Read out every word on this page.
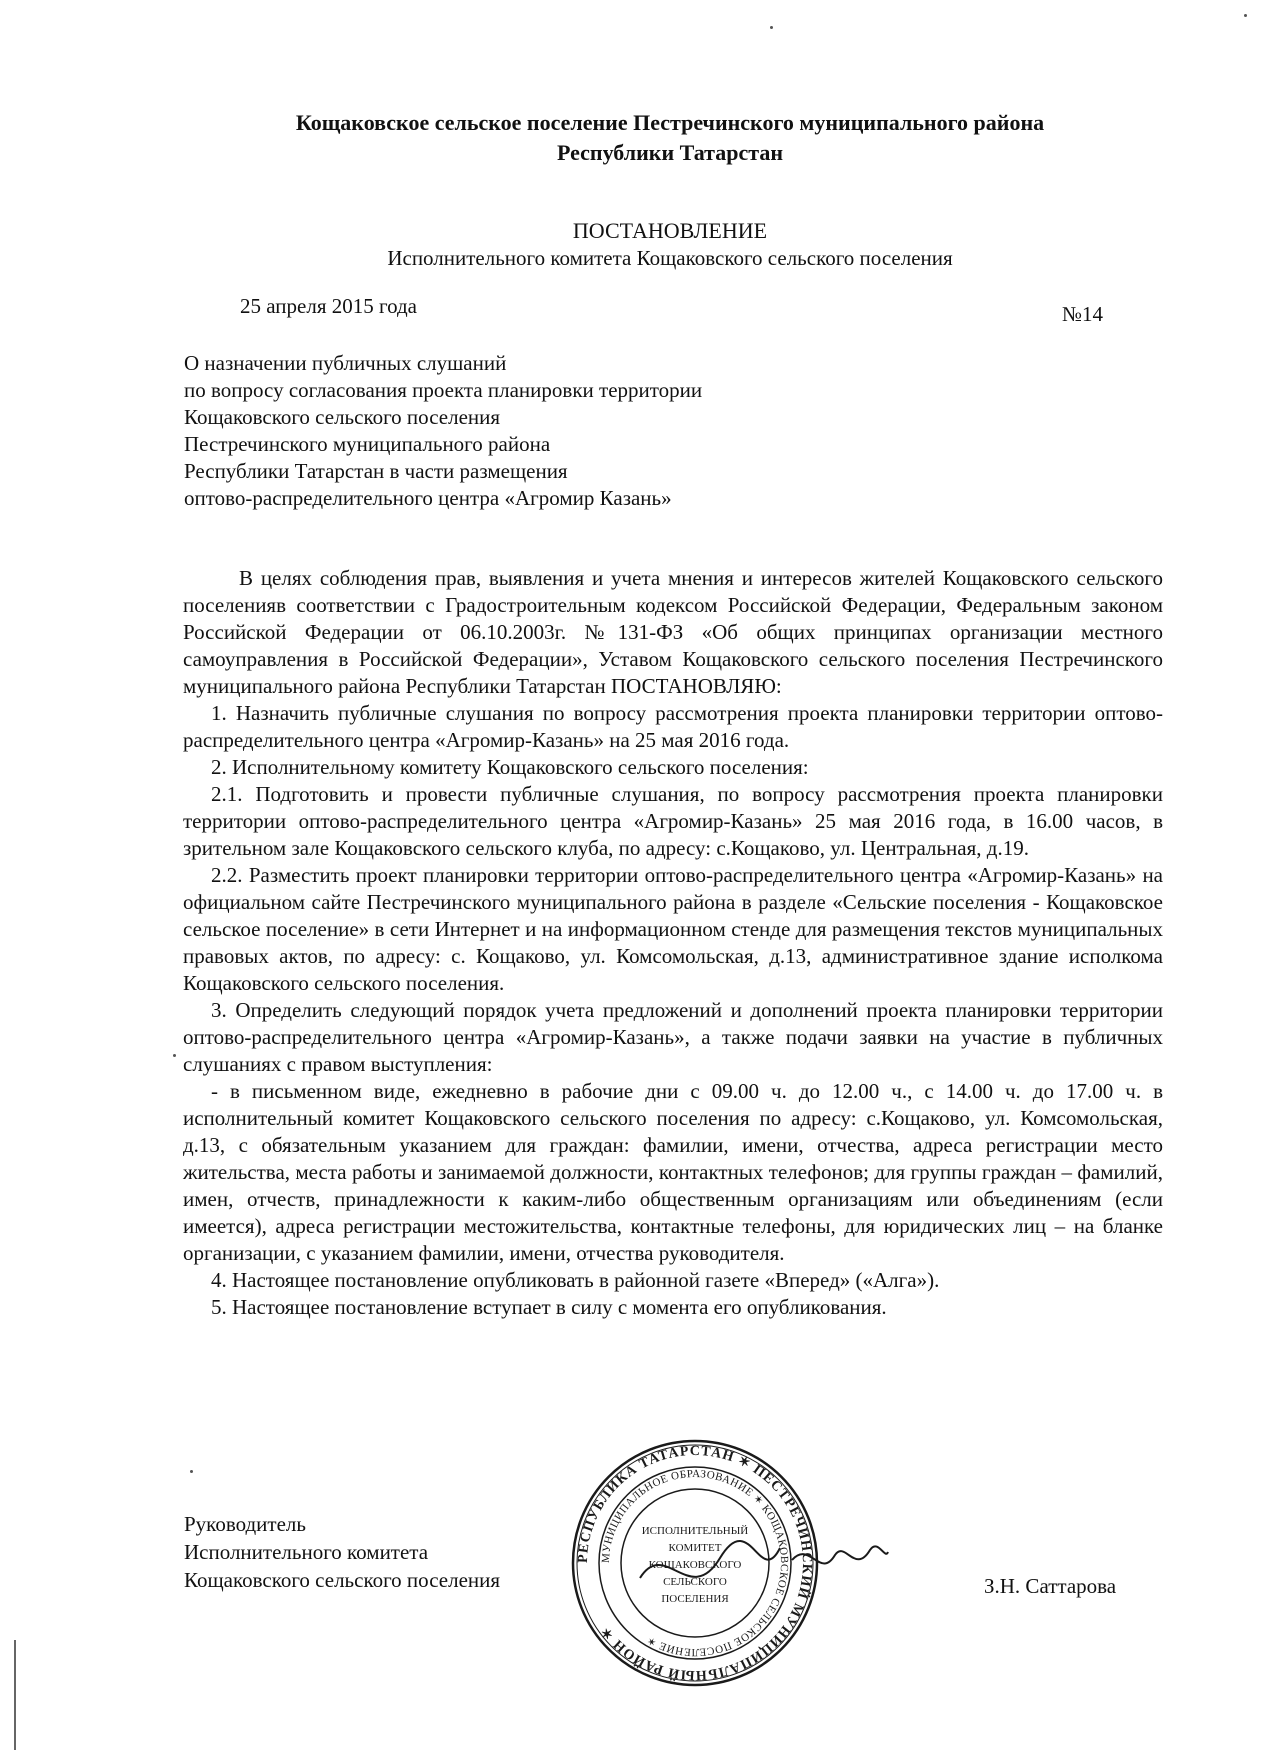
Кощаковское сельское поселение Пестречинского муниципального района
Республики Татарстан
ПОСТАНОВЛЕНИЕ
Исполнительного комитета Кощаковского сельского поселения
25 апреля 2015 года	№14
О назначении публичных слушаний
по вопросу согласования проекта планировки территории
Кощаковского сельского поселения
Пестречинского муниципального района
Республики Татарстан в части размещения
оптово-распределительного центра «Агромир Казань»

В целях соблюдения прав, выявления и учета мнения и интересов жителей Кощаковского сельского поселенияв соответствии с Градостроительным кодексом Российской Федерации, Федеральным законом Российской Федерации от 06.10.2003г. №131-ФЗ «Об общих принципах организации местного самоуправления в Российской Федерации», Уставом Кощаковского сельского поселения Пестречинского муниципального района Республики Татарстан ПОСТАНОВЛЯЮ:

1. Назначить публичные слушания по вопросу рассмотрения проекта планировки территории оптово-распределительного центра «Агромир-Казань» на 25 мая 2016 года.

2. Исполнительному комитету Кощаковского сельского поселения:

2.1. Подготовить и провести публичные слушания, по вопросу рассмотрения проекта планировки территории оптово-распределительного центра «Агромир-Казань» 25 мая 2016 года, в 16.00 часов, в зрительном зале Кощаковского сельского клуба, по адресу: с.Кощаково, ул. Центральная, д.19.

2.2. Разместить проект планировки территории оптово-распределительного центра «Агромир-Казань» на официальном сайте Пестречинского муниципального района в разделе «Сельские поселения - Кощаковское сельское поселение» в сети Интернет и на информационном стенде для размещения текстов муниципальных правовых актов, по адресу: с. Кощаково, ул. Комсомольская, д.13, административное здание исполкома Кощаковского сельского поселения.

3. Определить следующий порядок учета предложений и дополнений проекта планировки территории оптово-распределительного центра «Агромир-Казань», а также подачи заявки на участие в публичных слушаниях с правом выступления:

- в письменном виде, ежедневно в рабочие дни с 09.00 ч. до 12.00 ч., с 14.00 ч. до 17.00 ч. в исполнительный комитет Кощаковского сельского поселения по адресу: с.Кощаково, ул. Комсомольская, д.13, с обязательным указанием для граждан: фамилии, имени, отчества, адреса регистрации место жительства, места работы и занимаемой должности, контактных телефонов; для группы граждан – фамилий, имен, отчеств, принадлежности к каким-либо общественным организациям или объединениям (если имеется), адреса регистрации местожительства, контактные телефоны, для юридических лиц – на бланке организации, с указанием фамилии, имени, отчества руководителя.

4. Настоящее постановление опубликовать в районной газете «Вперед» («Алга»).

5. Настоящее постановление вступает в силу с момента его опубликования.

Руководитель
Исполнительного комитета
Кощаковского сельского поселения
РЕСПУБЛИКА ТАТАРСТАН ✶ ПЕСТРЕЧИНСКИЙ МУНИЦИПАЛЬНЫЙ РАЙОН ✶
МУНИЦИПАЛЬНОЕ ОБРАЗОВАНИЕ ✶ КОЩАКОВСКОЕ СЕЛЬСКОЕ ПОСЕЛЕНИЕ ✶
ИСПОЛНИТЕЛЬНЫЙ
КОМИТЕТ
КОЩАКОВСКОГО
СЕЛЬСКОГО
ПОСЕЛЕНИЯ
З.Н. Саттарова
